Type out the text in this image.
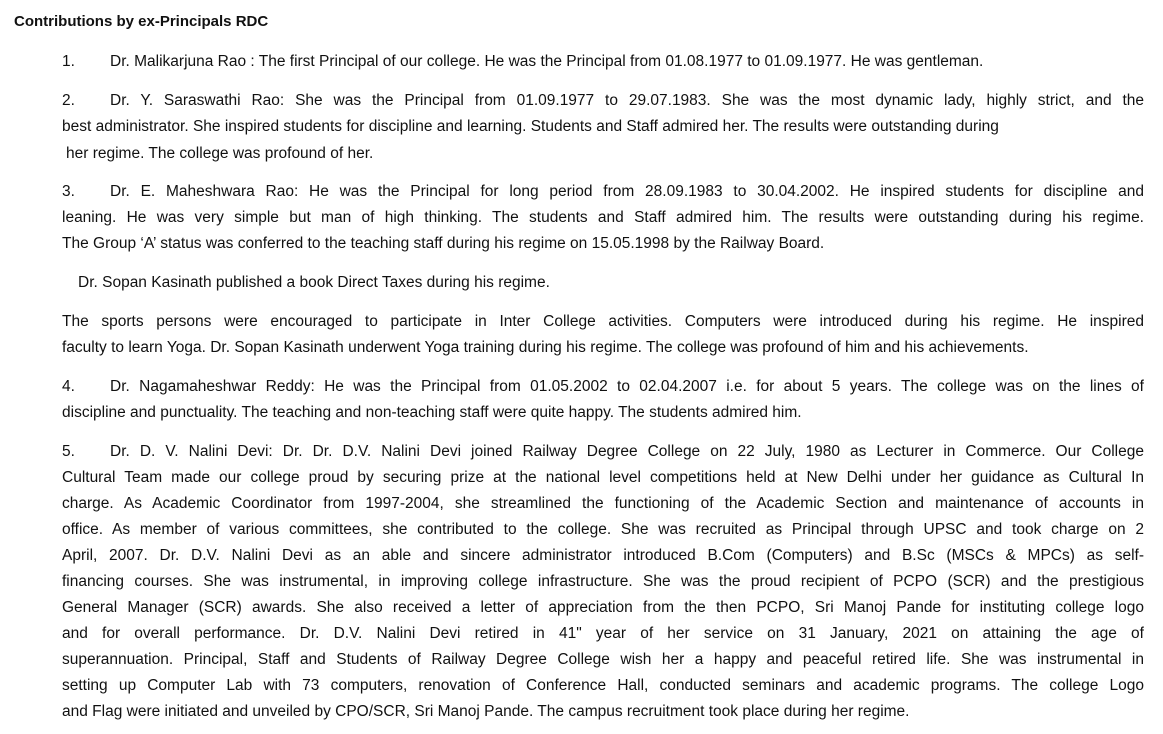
Contributions by ex-Principals RDC
1. Dr. Malikarjuna Rao : The first Principal of our college. He was the Principal from 01.08.1977 to 01.09.1977. He was gentleman.
2. Dr. Y. Saraswathi Rao: She was the Principal from 01.09.1977 to 29.07.1983. She was the most dynamic lady, highly strict, and the
best administrator. She inspired students for discipline and learning. Students and Staff admired her. The results were outstanding during
her regime. The college was profound of her.
3. Dr. E. Maheshwara Rao: He was the Principal for long period from 28.09.1983 to 30.04.2002. He inspired students for discipline and
leaning. He was very simple but man of high thinking. The students and Staff admired him. The results were outstanding during his regime.
The Group ‘A’ status was conferred to the teaching staff during his regime on 15.05.1998 by the Railway Board.
Dr. Sopan Kasinath published a book Direct Taxes during his regime.
The sports persons were encouraged to participate in Inter College activities. Computers were introduced during his regime. He inspired
faculty to learn Yoga. Dr. Sopan Kasinath underwent Yoga training during his regime. The college was profound of him and his achievements.
4. Dr. Nagamaheshwar Reddy: He was the Principal from 01.05.2002 to 02.04.2007 i.e. for about 5 years. The college was on the lines of
discipline and punctuality. The teaching and non-teaching staff were quite happy. The students admired him.
5. Dr. D. V. Nalini Devi: Dr. Dr. D.V. Nalini Devi joined Railway Degree College on 22 July, 1980 as Lecturer in Commerce. Our College
Cultural Team made our college proud by securing prize at the national level competitions held at New Delhi under her guidance as Cultural In
charge. As Academic Coordinator from 1997-2004, she streamlined the functioning of the Academic Section and maintenance of accounts in
office. As member of various committees, she contributed to the college. She was recruited as Principal through UPSC and took charge on 2
April, 2007. Dr. D.V. Nalini Devi as an able and sincere administrator introduced B.Com (Computers) and B.Sc (MSCs & MPCs) as self-
financing courses. She was instrumental, in improving college infrastructure. She was the proud recipient of PCPO (SCR) and the prestigious
General Manager (SCR) awards. She also received a letter of appreciation from the then PCPO, Sri Manoj Pande for instituting college logo
and for overall performance. Dr. D.V. Nalini Devi retired in 41" year of her service on 31 January, 2021 on attaining the age of
superannuation. Principal, Staff and Students of Railway Degree College wish her a happy and peaceful retired life. She was instrumental in
setting up Computer Lab with 73 computers, renovation of Conference Hall, conducted seminars and academic programs. The college Logo
and Flag were initiated and unveiled by CPO/SCR, Sri Manoj Pande. The campus recruitment took place during her regime.
